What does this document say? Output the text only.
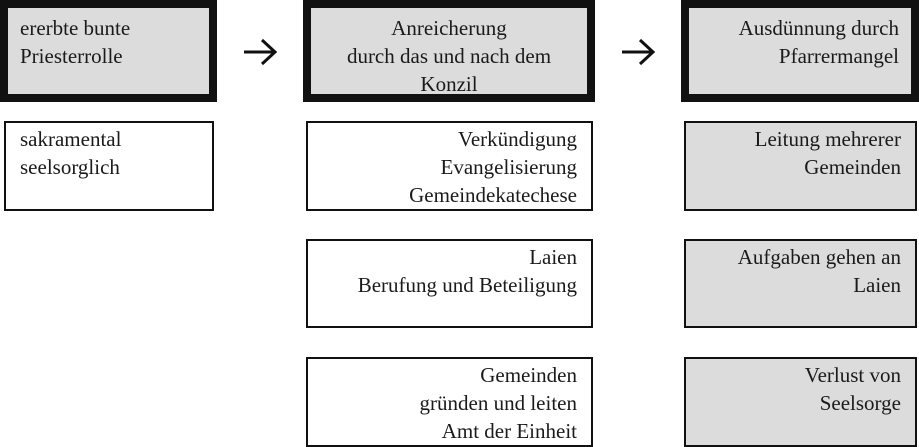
ererbte bunte
Priesterrolle
sakramental
seelsorglich
Anreicherung
durch das und nach dem
Konzil
Verkündigung
Evangelisierung
Gemeindekatechese
Laien
Berufung und Beteiligung
Gemeinden
gründen und leiten
Amt der Einheit
Ausdünnung durch
Pfarrermangel
Leitung mehrerer
Gemeinden
Aufgaben gehen an
Laien
Verlust von
Seelsorge
